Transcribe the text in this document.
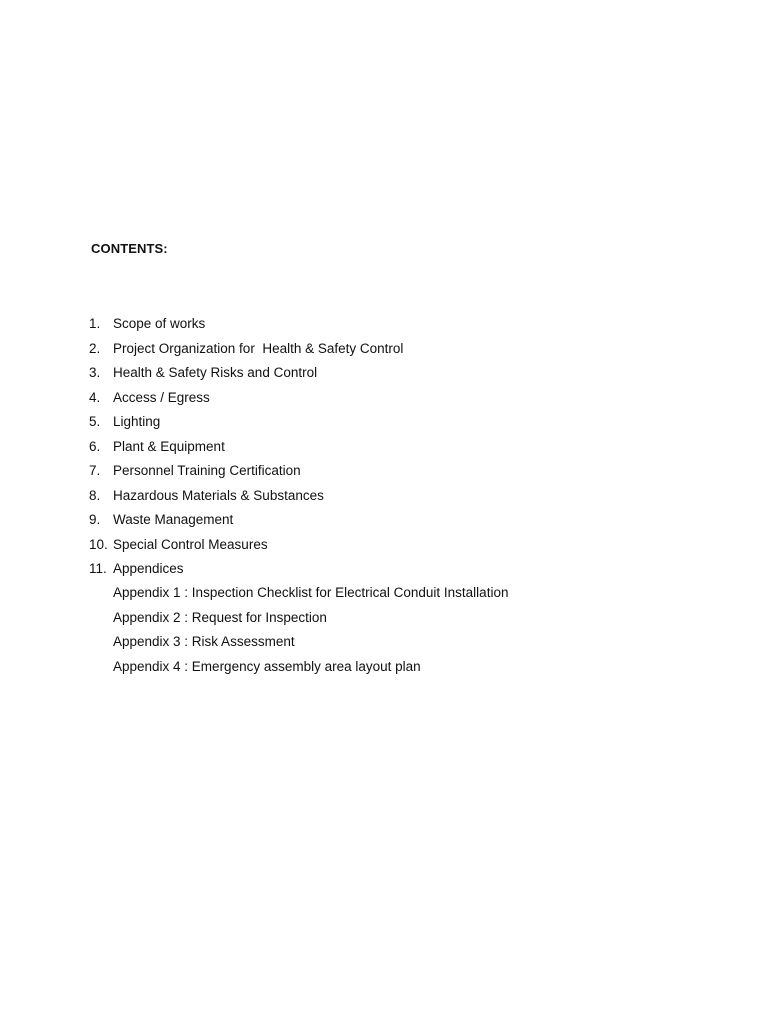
CONTENTS:
1. Scope of works
2. Project Organization for  Health & Safety Control
3. Health & Safety Risks and Control
4. Access / Egress
5. Lighting
6. Plant & Equipment
7. Personnel Training Certification
8. Hazardous Materials & Substances
9. Waste Management
10. Special Control Measures
11. Appendices
Appendix 1 : Inspection Checklist for Electrical Conduit Installation
Appendix 2 : Request for Inspection
Appendix 3 : Risk Assessment
Appendix 4 : Emergency assembly area layout plan
